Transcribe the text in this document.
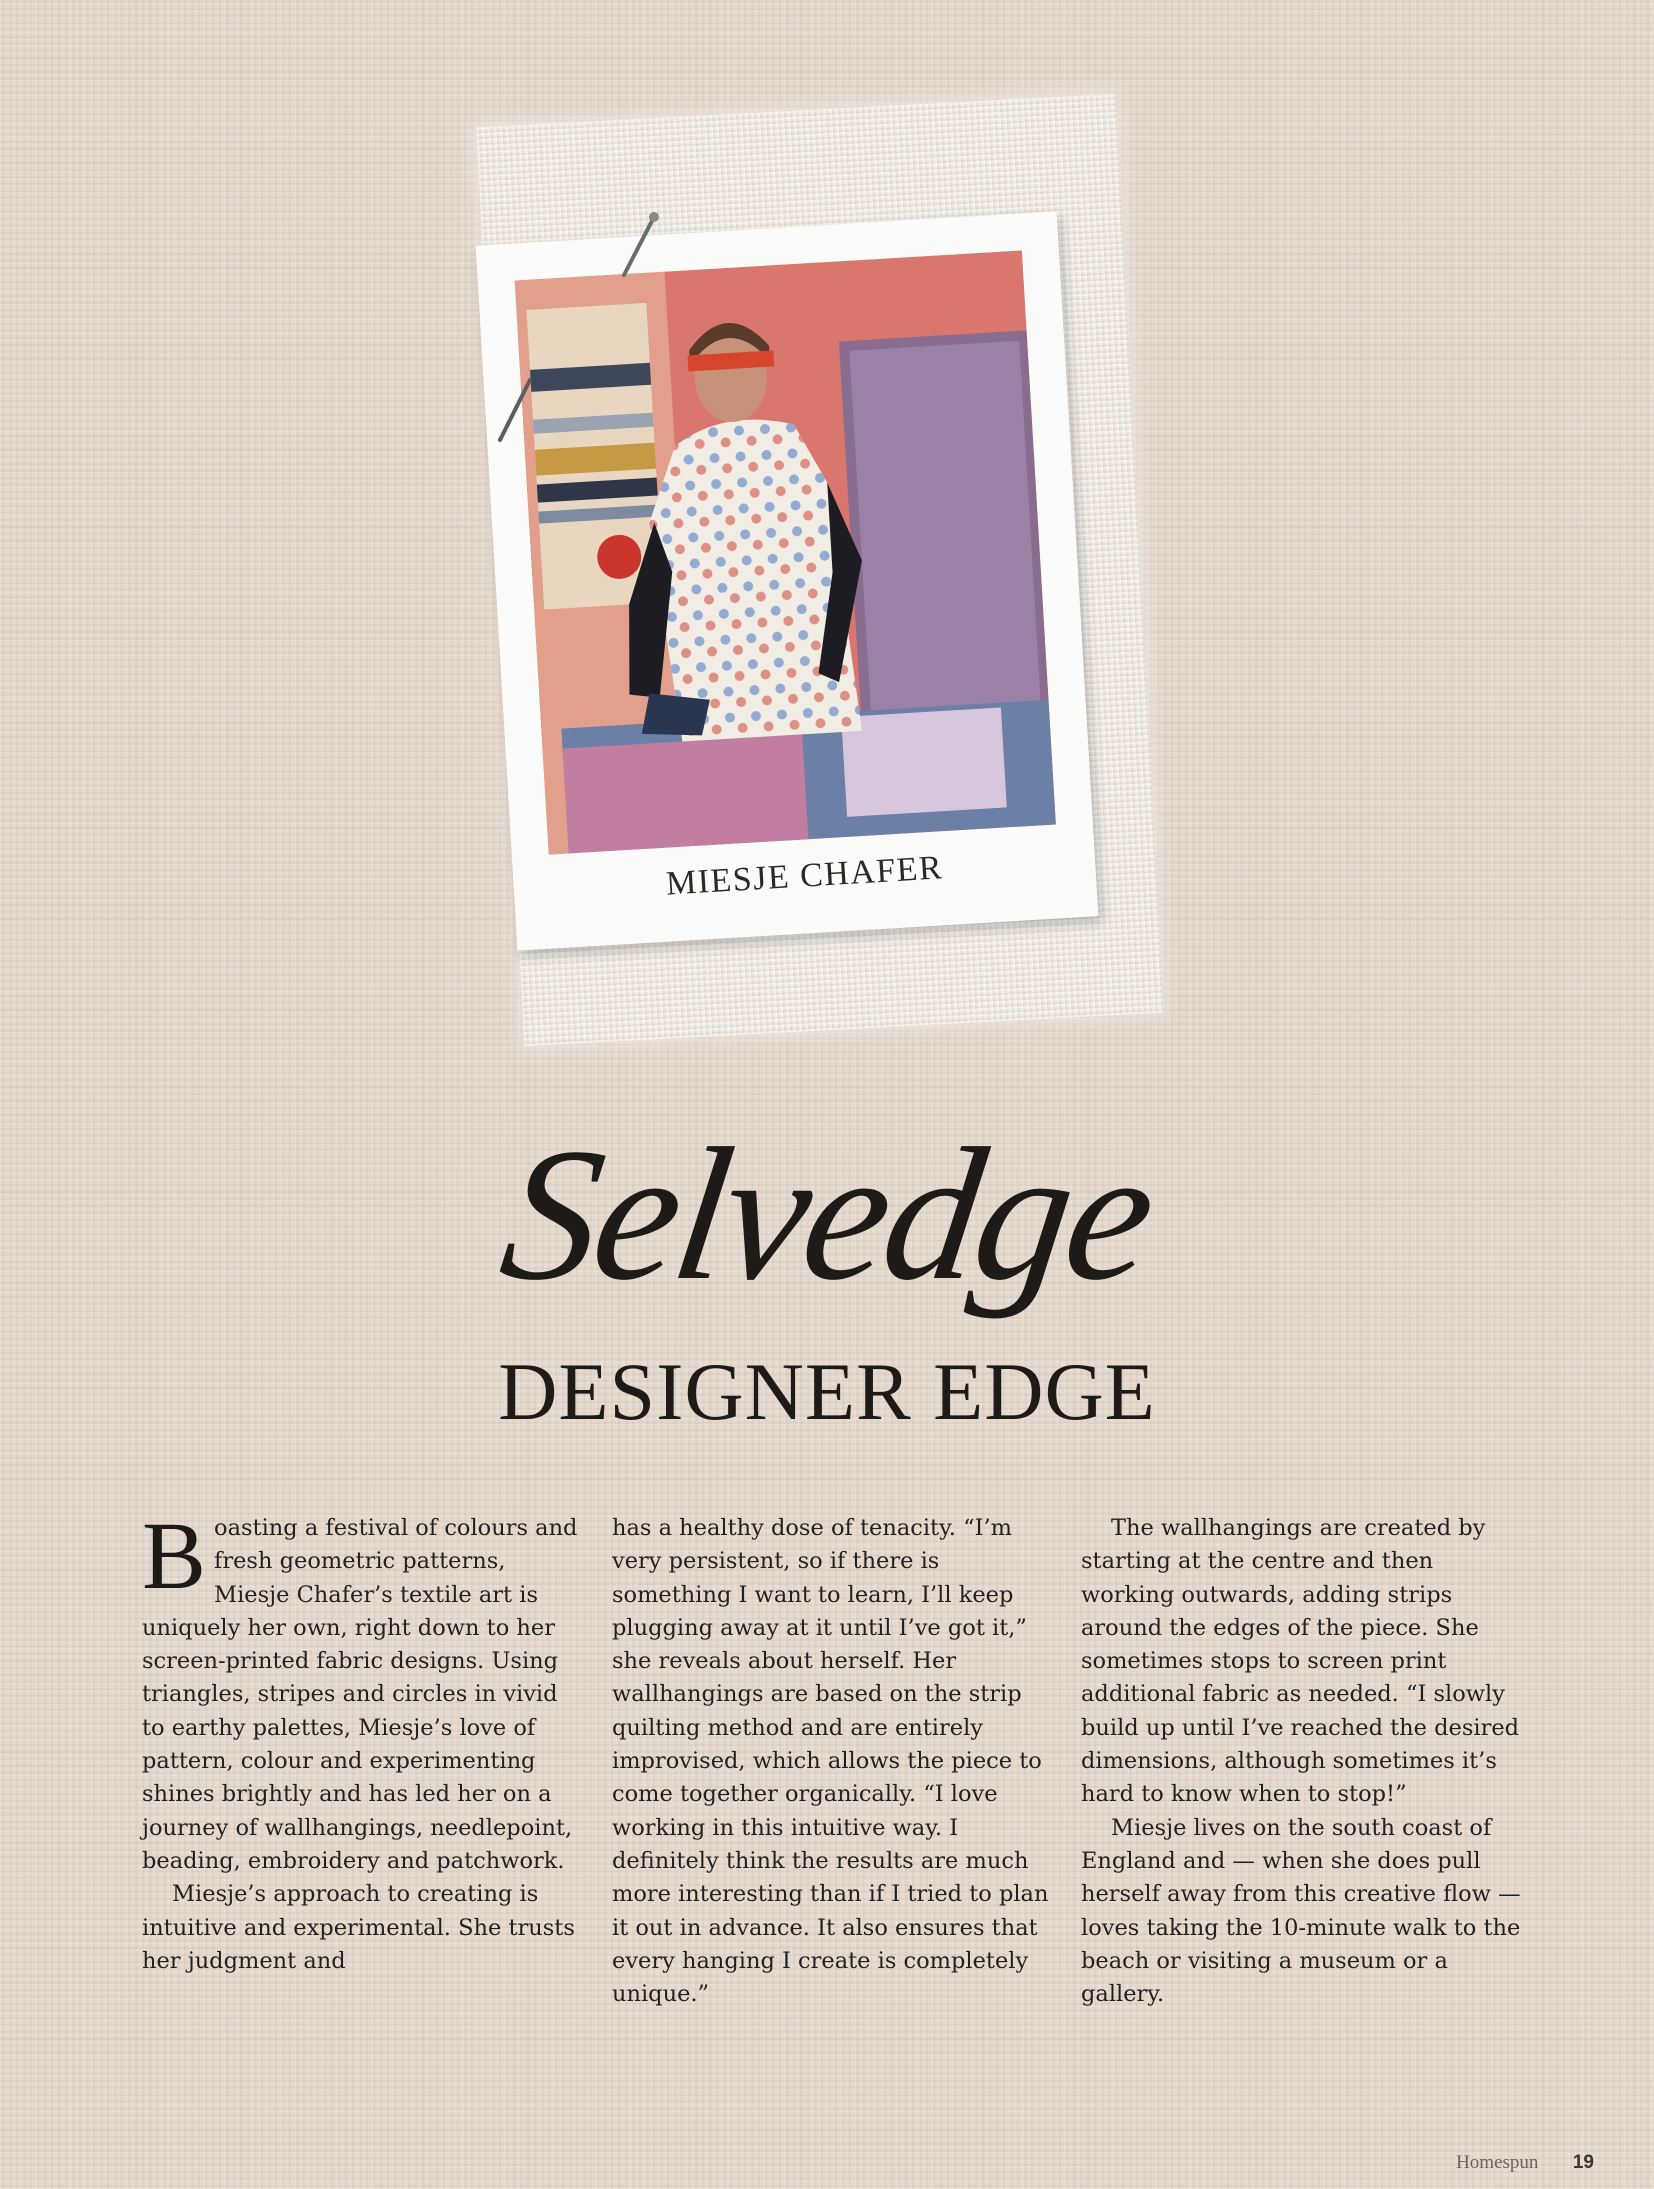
MIESJE CHAFER
Selvedge
DESIGNER EDGE

Boasting a festival of colours and fresh geometric patterns, Miesje Chafer’s textile art is uniquely her own, right down to her screen-printed fabric designs. Using triangles, stripes and circles in vivid to earthy palettes, Miesje’s love of pattern, colour and experimenting shines brightly and has led her on a journey of wallhangings, needlepoint, beading, embroidery and patchwork.

Miesje’s approach to creating is intuitive and experimental. She trusts her judgment and

has a healthy dose of tenacity. “I’m very persistent, so if there is something I want to learn, I’ll keep plugging away at it until I’ve got it,” she reveals about herself. Her wallhangings are based on the strip quilting method and are entirely improvised, which allows the piece to come together organically. “I love working in this intuitive way. I definitely think the results are much more interesting than if I tried to plan it out in advance. It also ensures that every hanging I create is completely unique.”

The wallhangings are created by starting at the centre and then working outwards, adding strips around the edges of the piece. She sometimes stops to screen print additional fabric as needed. “I slowly build up until I’ve reached the desired dimensions, although sometimes it’s hard to know when to stop!”

Miesje lives on the south coast of England and — when she does pull herself away from this creative flow — loves taking the 10-minute walk to the beach or visiting a museum or a gallery.

Homespun 19
